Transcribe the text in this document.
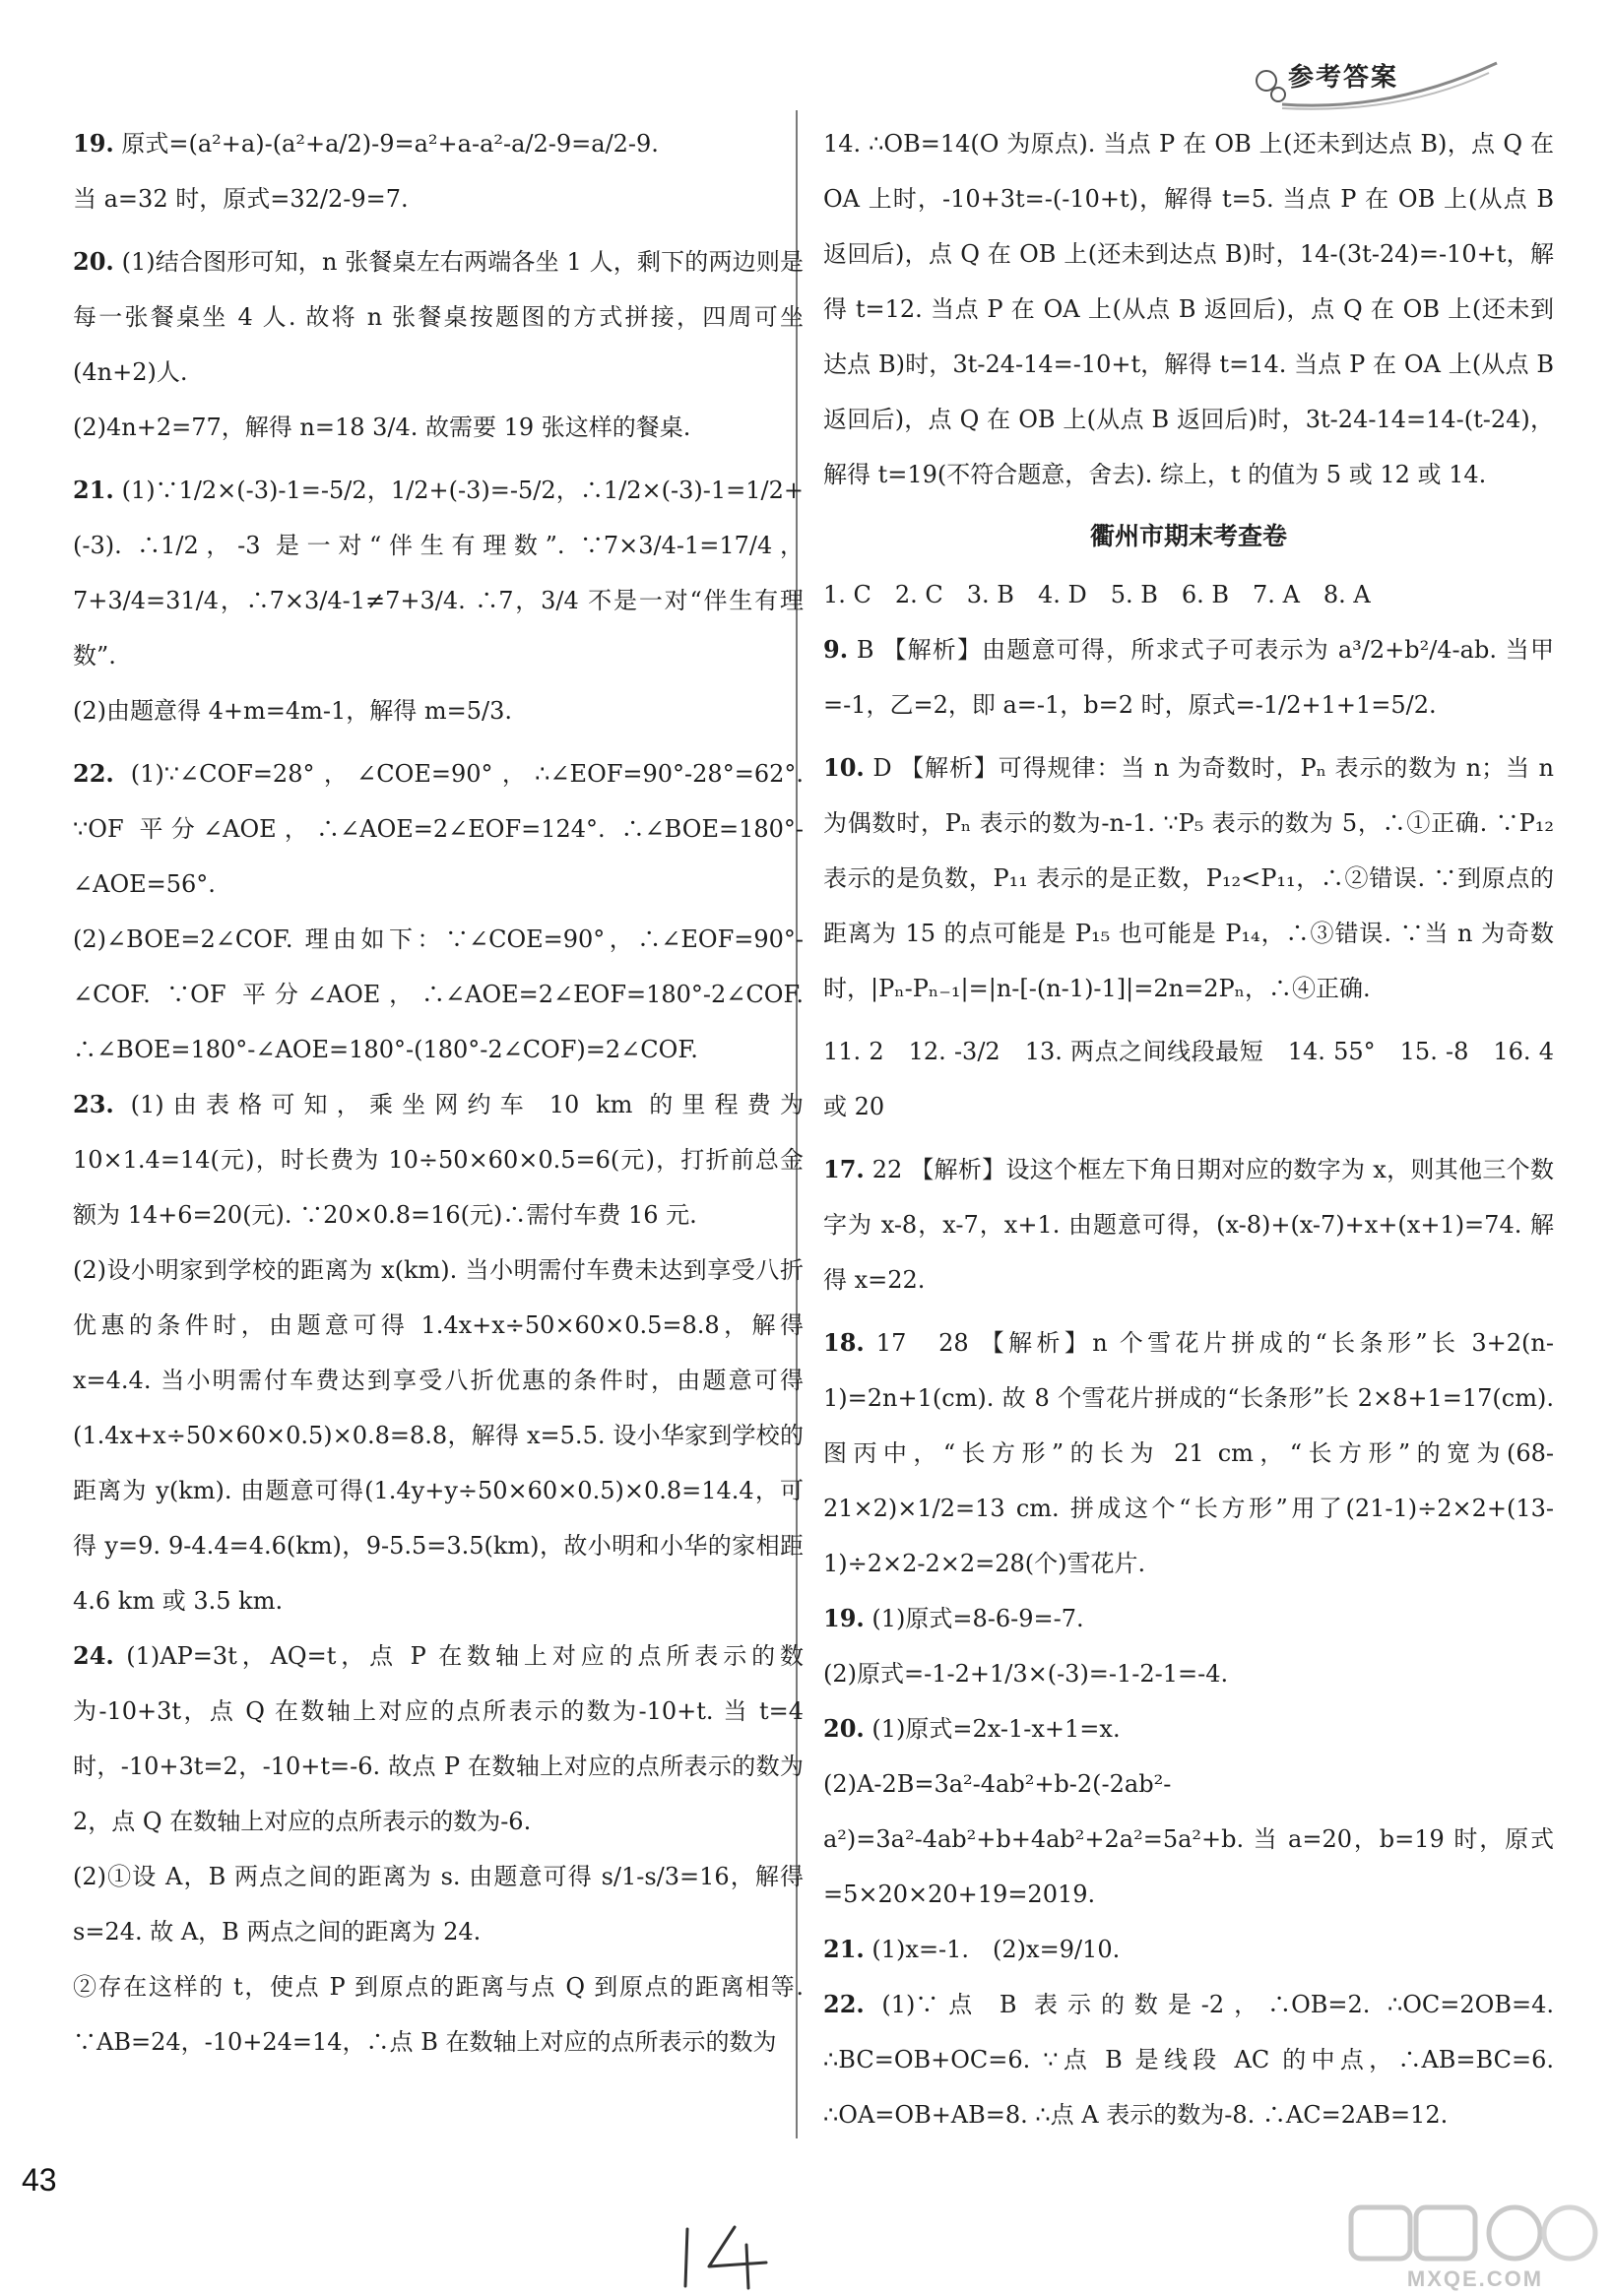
参考答案

19. 原式=(a²+a)-(a²+a/2)-9=a²+a-a²-a/2-9=a/2-9.

当 a=32 时，原式=32/2-9=7.

20. (1)结合图形可知，n 张餐桌左右两端各坐 1 人，剩下的两边则是每一张餐桌坐 4 人. 故将 n 张餐桌按题图的方式拼接，四周可坐(4n+2)人.

(2)4n+2=77，解得 n=18 3/4. 故需要 19 张这样的餐桌.

21. (1)∵1/2×(-3)-1=-5/2，1/2+(-3)=-5/2，∴1/2×(-3)-1=1/2+(-3). ∴1/2，-3 是一对“伴生有理数”. ∵7×3/4-1=17/4，7+3/4=31/4，∴7×3/4-1≠7+3/4. ∴7，3/4 不是一对“伴生有理数”.

(2)由题意得 4+m=4m-1，解得 m=5/3.

22. (1)∵∠COF=28°，∠COE=90°，∴∠EOF=90°-28°=62°. ∵OF 平分∠AOE，∴∠AOE=2∠EOF=124°. ∴∠BOE=180°-∠AOE=56°.

(2)∠BOE=2∠COF. 理由如下：∵∠COE=90°，∴∠EOF=90°-∠COF. ∵OF 平分∠AOE，∴∠AOE=2∠EOF=180°-2∠COF. ∴∠BOE=180°-∠AOE=180°-(180°-2∠COF)=2∠COF.

23. (1)由表格可知，乘坐网约车 10 km 的里程费为 10×1.4=14(元)，时长费为 10÷50×60×0.5=6(元)，打折前总金额为 14+6=20(元). ∵20×0.8=16(元)∴需付车费 16 元.

(2)设小明家到学校的距离为 x(km). 当小明需付车费未达到享受八折优惠的条件时，由题意可得 1.4x+x÷50×60×0.5=8.8，解得 x=4.4. 当小明需付车费达到享受八折优惠的条件时，由题意可得(1.4x+x÷50×60×0.5)×0.8=8.8，解得 x=5.5. 设小华家到学校的距离为 y(km). 由题意可得(1.4y+y÷50×60×0.5)×0.8=14.4，可得 y=9. 9-4.4=4.6(km)，9-5.5=3.5(km)，故小明和小华的家相距 4.6 km 或 3.5 km.

24. (1)AP=3t，AQ=t，点 P 在数轴上对应的点所表示的数为-10+3t，点 Q 在数轴上对应的点所表示的数为-10+t. 当 t=4 时，-10+3t=2，-10+t=-6. 故点 P 在数轴上对应的点所表示的数为 2，点 Q 在数轴上对应的点所表示的数为-6.

(2)①设 A，B 两点之间的距离为 s. 由题意可得 s/1-s/3=16，解得 s=24. 故 A，B 两点之间的距离为 24.

②存在这样的 t，使点 P 到原点的距离与点 Q 到原点的距离相等. ∵AB=24，-10+24=14，∴点 B 在数轴上对应的点所表示的数为

14. ∴OB=14(O 为原点). 当点 P 在 OB 上(还未到达点 B)，点 Q 在 OA 上时，-10+3t=-(-10+t)，解得 t=5. 当点 P 在 OB 上(从点 B 返回后)，点 Q 在 OB 上(还未到达点 B)时，14-(3t-24)=-10+t，解得 t=12. 当点 P 在 OA 上(从点 B 返回后)，点 Q 在 OB 上(还未到达点 B)时，3t-24-14=-10+t，解得 t=14. 当点 P 在 OA 上(从点 B 返回后)，点 Q 在 OB 上(从点 B 返回后)时，3t-24-14=14-(t-24)，解得 t=19(不符合题意，舍去). 综上，t 的值为 5 或 12 或 14.

衢州市期末考查卷

1. C　2. C　3. B　4. D　5. B　6. B　7. A　8. A

9. B 【解析】由题意可得，所求式子可表示为 a³/2+b²/4-ab. 当甲=-1，乙=2，即 a=-1，b=2 时，原式=-1/2+1+1=5/2.

10. D 【解析】可得规律：当 n 为奇数时，Pₙ 表示的数为 n；当 n 为偶数时，Pₙ 表示的数为-n-1. ∵P₅ 表示的数为 5，∴①正确. ∵P₁₂ 表示的是负数，P₁₁ 表示的是正数，P₁₂<P₁₁，∴②错误. ∵到原点的距离为 15 的点可能是 P₁₅ 也可能是 P₁₄，∴③错误. ∵当 n 为奇数时，|Pₙ-Pₙ₋₁|=|n-[-(n-1)-1]|=2n=2Pₙ，∴④正确.

11. 2　12. -3/2　13. 两点之间线段最短　14. 55°　15. -8　16. 4 或 20

17. 22 【解析】设这个框左下角日期对应的数字为 x，则其他三个数字为 x-8，x-7，x+1. 由题意可得，(x-8)+(x-7)+x+(x+1)=74. 解得 x=22.

18. 17　28 【解析】n 个雪花片拼成的“长条形”长 3+2(n-1)=2n+1(cm). 故 8 个雪花片拼成的“长条形”长 2×8+1=17(cm). 图丙中，“长方形”的长为 21 cm，“长方形”的宽为(68-21×2)×1/2=13 cm. 拼成这个“长方形”用了(21-1)÷2×2+(13-1)÷2×2-2×2=28(个)雪花片.

19. (1)原式=8-6-9=-7.

(2)原式=-1-2+1/3×(-3)=-1-2-1=-4.

20. (1)原式=2x-1-x+1=x.

(2)A-2B=3a²-4ab²+b-2(-2ab²-a²)=3a²-4ab²+b+4ab²+2a²=5a²+b. 当 a=20，b=19 时，原式=5×20×20+19=2019.

21. (1)x=-1.　(2)x=9/10.

22. (1)∵点 B 表示的数是-2，∴OB=2. ∴OC=2OB=4. ∴BC=OB+OC=6. ∵点 B 是线段 AC 的中点，∴AB=BC=6. ∴OA=OB+AB=8. ∴点 A 表示的数为-8. ∴AC=2AB=12.

43
MXQE.COM
